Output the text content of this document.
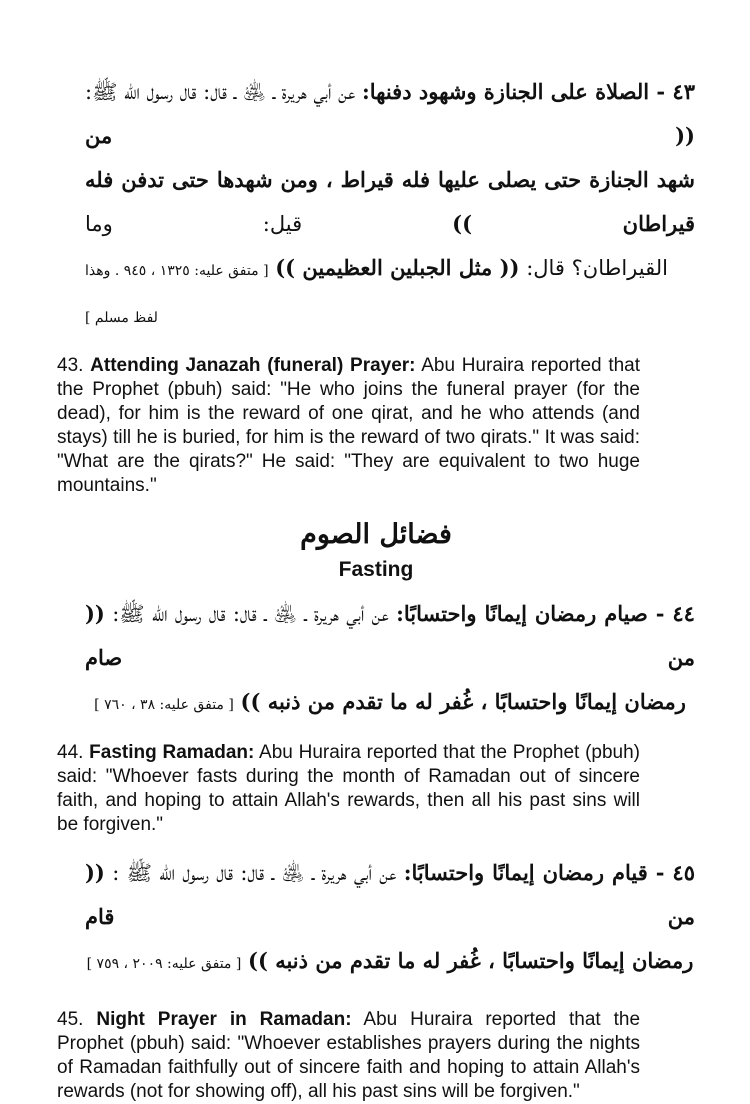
٤٣ - الصلاة على الجنازة وشهود دفنها: عن أبي هريرة ـ ﵁ ـ قال: قال رسول الله ﷺ: (( من
شهد الجنازة حتى يصلى عليها فله قيراط ، ومن شهدها حتى تدفن فله قيراطان )) قيل: وما
القيراطان؟ قال: (( مثل الجبلين العظيمين )) [ متفق عليه: ١٣٢٥ ، ٩٤٥ . وهذا لفظ مسلم ]

43. Attending Janazah (funeral) Prayer: Abu Huraira reported that the Prophet (pbuh) said: "He who joins the funeral prayer (for the dead), for him is the reward of one qirat, and he who attends (and stays) till he is buried, for him is the reward of two qirats." It was said: "What are the qirats?" He said: "They are equivalent to two huge mountains."

فضائل الصوم
Fasting
٤٤ - صيام رمضان إيمانًا واحتسابًا: عن أبي هريرة ـ ﵁ ـ قال: قال رسول الله ﷺ: (( من صام
رمضان إيمانًا واحتسابًا ، غُفر له ما تقدم من ذنبه )) [ متفق عليه: ٣٨ ، ٧٦٠ ]

44. Fasting Ramadan: Abu Huraira reported that the Prophet (pbuh) said: "Whoever fasts during the month of Ramadan out of sincere faith, and hoping to attain Allah's rewards, then all his past sins will be forgiven."

٤٥ - قيام رمضان إيمانًا واحتسابًا: عن أبي هريرة ـ ﵁ ـ قال: قال رسول الله ﷺ : (( من قام
رمضان إيمانًا واحتسابًا ، غُفر له ما تقدم من ذنبه )) [ متفق عليه: ٢٠٠٩ ، ٧٥٩ ]

45. Night Prayer in Ramadan: Abu Huraira reported that the Prophet (pbuh) said: "Whoever establishes prayers during the nights of Ramadan faithfully out of sincere faith and hoping to attain Allah's rewards (not for showing off), all his past sins will be forgiven."
